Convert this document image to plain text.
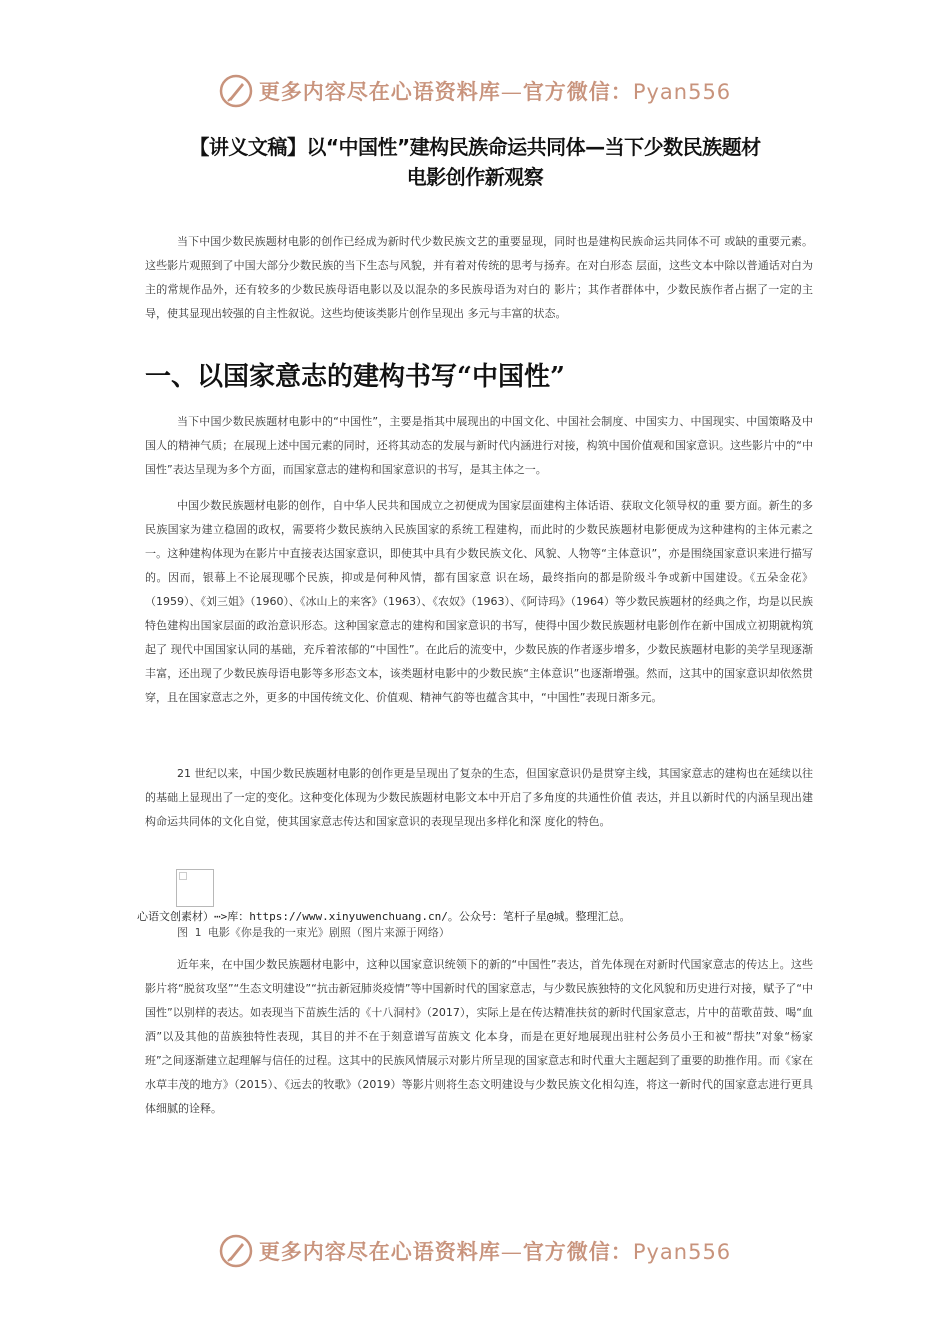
更多内容尽在心语资料库—官方微信：Pyan556
【讲义文稿】以“中国性”建构民族命运共同体—当下少数民族题材
电影创作新观察

当下中国少数民族题材电影的创作已经成为新时代少数民族文艺的重要显现，同时也是建构民族命运共同体不可 或缺的重要元素。这些影片观照到了中国大部分少数民族的当下生态与风貌，并有着对传统的思考与扬弃。在对白形态 层面，这些文本中除以普通话对白为主的常规作品外，还有较多的少数民族母语电影以及以混杂的多民族母语为对白的 影片；其作者群体中，少数民族作者占据了一定的主导，使其显现出较强的自主性叙说。这些均使该类影片创作呈现出 多元与丰富的状态。

一、以国家意志的建构书写“中国性”

当下中国少数民族题材电影中的“中国性”，主要是指其中展现出的中国文化、中国社会制度、中国实力、中国现实、中国策略及中国人的精神气质；在展现上述中国元素的同时，还将其动态的发展与新时代内涵进行对接，构筑中国价值观和国家意识。这些影片中的“中国性”表达呈现为多个方面，而国家意志的建构和国家意识的书写，是其主体之一。

中国少数民族题材电影的创作，自中华人民共和国成立之初便成为国家层面建构主体话语、获取文化领导权的重 要方面。新生的多民族国家为建立稳固的政权，需要将少数民族纳入民族国家的系统工程建构，而此时的少数民族题材电影便成为这种建构的主体元素之一。这种建构体现为在影片中直接表达国家意识，即使其中具有少数民族文化、风貌、人物等“主体意识”，亦是围绕国家意识来进行描写的。因而，银幕上不论展现哪个民族，抑或是何种风情，都有国家意 识在场，最终指向的都是阶级斗争或新中国建设。《五朵金花》（1959）、《刘三姐》（1960）、《冰山上的来客》（1963）、《农奴》（1963）、《阿诗玛》（1964）等少数民族题材的经典之作，均是以民族特色建构出国家层面的政治意识形态。这种国家意志的建构和国家意识的书写，使得中国少数民族题材电影创作在新中国成立初期就构筑起了 现代中国国家认同的基础，充斥着浓郁的“中国性”。在此后的流变中，少数民族的作者逐步增多，少数民族题材电影的美学呈现逐渐丰富，还出现了少数民族母语电影等多形态文本，该类题材电影中的少数民族“主体意识”也逐渐增强。然而，这其中的国家意识却依然贯穿，且在国家意志之外，更多的中国传统文化、价值观、精神气韵等也蕴含其中，“中国性”表现日渐多元。

21 世纪以来，中国少数民族题材电影的创作更是呈现出了复杂的生态，但国家意识仍是贯穿主线，其国家意志的建构也在延续以往的基础上显现出了一定的变化。这种变化体现为少数民族题材电影文本中开启了多角度的共通性价值 表达，并且以新时代的内涵呈现出建构命运共同体的文化自觉，使其国家意志传达和国家意识的表现呈现出多样化和深 度化的特色。

心语文创素材）⋯>库：https://www.xinyuwenchuang.cn/。公众号：笔杆子星@城。整理汇总。
图 1 电影《你是我的一束光》剧照（图片来源于网络）

近年来，在中国少数民族题材电影中，这种以国家意识统领下的新的“中国性”表达，首先体现在对新时代国家意志的传达上。这些影片将“脱贫攻坚”“生态文明建设”“抗击新冠肺炎疫情”等中国新时代的国家意志，与少数民族独特的文化风貌和历史进行对接，赋予了“中国性”以别样的表达。如表现当下苗族生活的《十八洞村》（2017），实际上是在传达精准扶贫的新时代国家意志，片中的苗歌苗鼓、喝“血酒”以及其他的苗族独特性表现，其目的并不在于刻意谱写苗族文 化本身，而是在更好地展现出驻村公务员小王和被“帮扶”对象“杨家班”之间逐渐建立起理解与信任的过程。这其中的民族风情展示对影片所呈现的国家意志和时代重大主题起到了重要的助推作用。而《家在水草丰茂的地方》（2015）、《远去的牧歌》（2019）等影片则将生态文明建设与少数民族文化相勾连，将这一新时代的国家意志进行更具体细腻的诠释。

更多内容尽在心语资料库—官方微信：Pyan556
